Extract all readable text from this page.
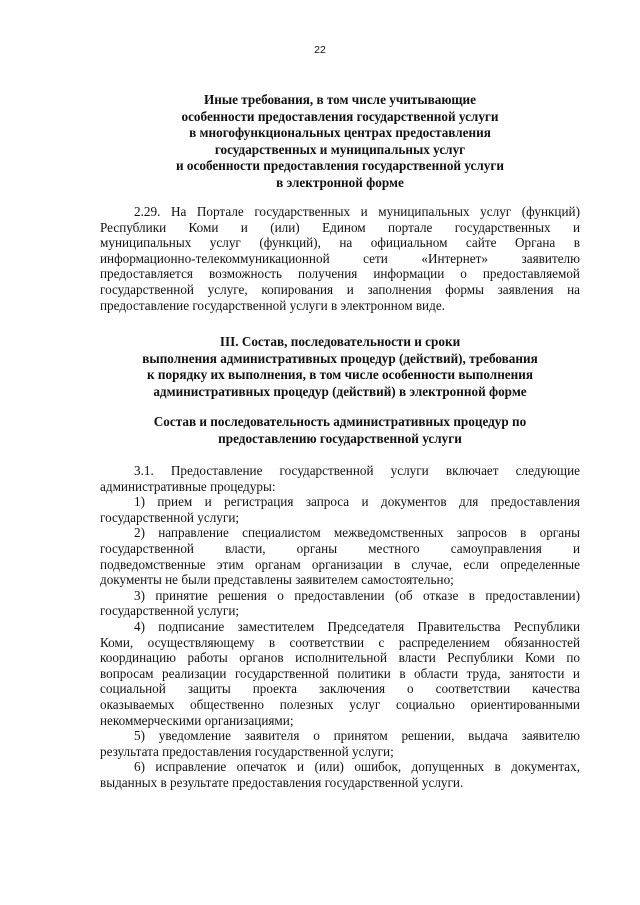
22
Иные требования, в том числе учитывающие
особенности предоставления государственной услуги
в многофункциональных центрах предоставления
государственных и муниципальных услуг
и особенности предоставления государственной услуги
в электронной форме
2.29. На Портале государственных и муниципальных услуг (функций)
Республики Коми и (или) Едином портале государственных и
муниципальных услуг (функций), на официальном сайте Органа в
информационно-телекоммуникационной сети «Интернет» заявителю
предоставляется возможность получения информации о предоставляемой
государственной услуге, копирования и заполнения формы заявления на
предоставление государственной услуги в электронном виде.
III. Состав, последовательности и сроки
выполнения административных процедур (действий), требования
к порядку их выполнения, в том числе особенности выполнения
административных процедур (действий) в электронной форме
Состав и последовательность административных процедур по
предоставлению государственной услуги
3.1. Предоставление государственной услуги включает следующие
административные процедуры:
1) прием и регистрация запроса и документов для предоставления
государственной услуги;
2) направление специалистом межведомственных запросов в органы
государственной власти, органы местного самоуправления и
подведомственные этим органам организации в случае, если определенные
документы не были представлены заявителем самостоятельно;
3) принятие решения о предоставлении (об отказе в предоставлении)
государственной услуги;
4) подписание заместителем Председателя Правительства Республики
Коми, осуществляющему в соответствии с распределением обязанностей
координацию работы органов исполнительной власти Республики Коми по
вопросам реализации государственной политики в области труда, занятости и
социальной защиты проекта заключения о соответствии качества
оказываемых общественно полезных услуг социально ориентированными
некоммерческими организациями;
5) уведомление заявителя о принятом решении, выдача заявителю
результата предоставления государственной услуги;
6) исправление опечаток и (или) ошибок, допущенных в документах,
выданных в результате предоставления государственной услуги.
